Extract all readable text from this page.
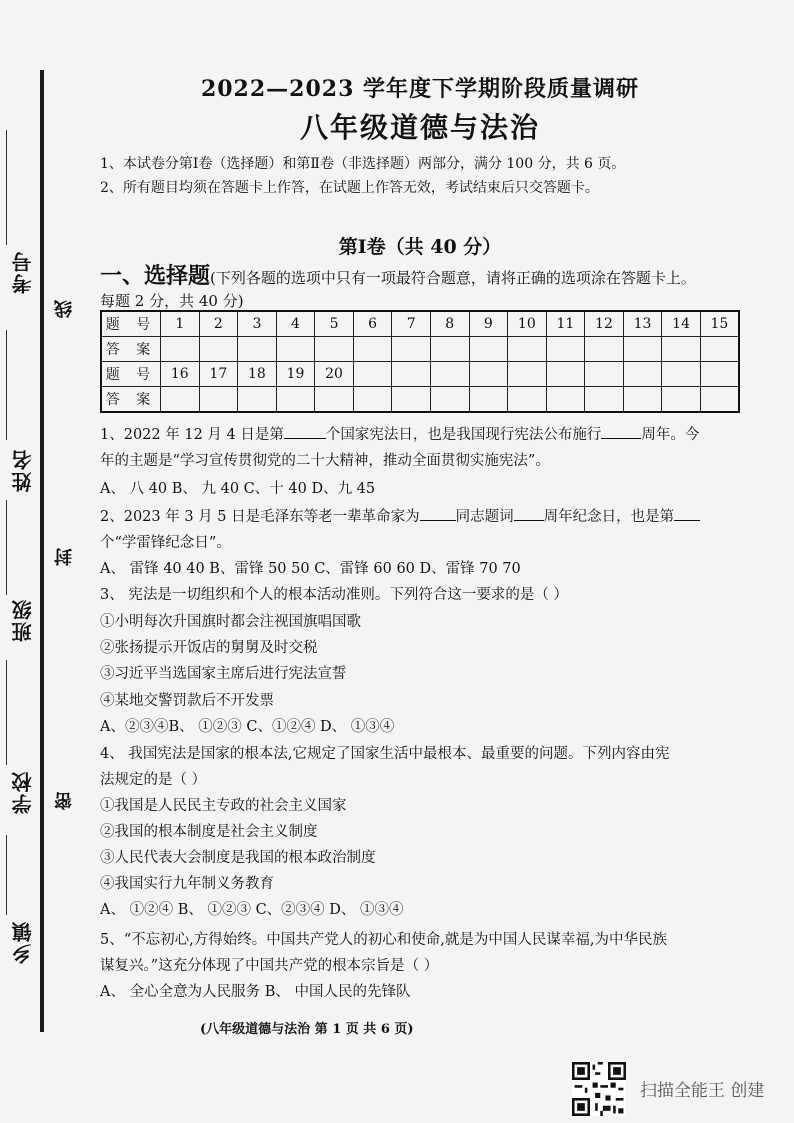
考号
姓名
班级
学校
乡镇
线
封
密
2022—2023 学年度下学期阶段质量调研
八年级道德与法治
1、本试卷分第Ⅰ卷（选择题）和第Ⅱ卷（非选择题）两部分，满分 100 分，共 6 页。
2、所有题目均须在答题卡上作答，在试题上作答无效，考试结束后只交答题卡。
第Ⅰ卷（共 40 分）
一、选择题(下列各题的选项中只有一项最符合题意，请将正确的选项涂在答题卡上。
每题 2 分，共 40 分)
题 号	1	2	3	4	5	6	7	8	9	10	11	12	13	14	15
答 案															
题 号	16	17	18	19	20										
答 案															
1、2022 年 12 月 4 日是第	个国家宪法日，也是我国现行宪法公布施行	周年。今
年的主题是“学习宣传贯彻党的二十大精神，推动全面贯彻实施宪法”。
A、 八 40 B、 九 40 C、十 40 D、九 45
2、2023 年 3 月 5 日是毛泽东等老一辈革命家为 同志题词 周年纪念日，也是第
个“学雷锋纪念日”。
A、 雷锋 40 40 B、雷锋 50 50 C、雷锋 60 60 D、雷锋 70 70
3、 宪法是一切组织和个人的根本活动准则。下列符合这一要求的是（ ）
①小明每次升国旗时都会注视国旗唱国歌
②张扬提示开饭店的舅舅及时交税
③习近平当选国家主席后进行宪法宣誓
④某地交警罚款后不开发票
A、②③④B、 ①②③ C、①②④ D、 ①③④
4、 我国宪法是国家的根本法,它规定了国家生活中最根本、最重要的问题。下列内容由宪
法规定的是（ ）
①我国是人民民主专政的社会主义国家
②我国的根本制度是社会主义制度
③人民代表大会制度是我国的根本政治制度
④我国实行九年制义务教育
A、 ①②④ B、 ①②③ C、②③④ D、 ①③④
5、“不忘初心,方得始终。中国共产党人的初心和使命,就是为中国人民谋幸福,为中华民族
谋复兴。”这充分体现了中国共产党的根本宗旨是（ ）
A、 全心全意为人民服务 B、 中国人民的先锋队
(八年级道德与法治 第 1 页 共 6 页)
扫描全能王 创建
